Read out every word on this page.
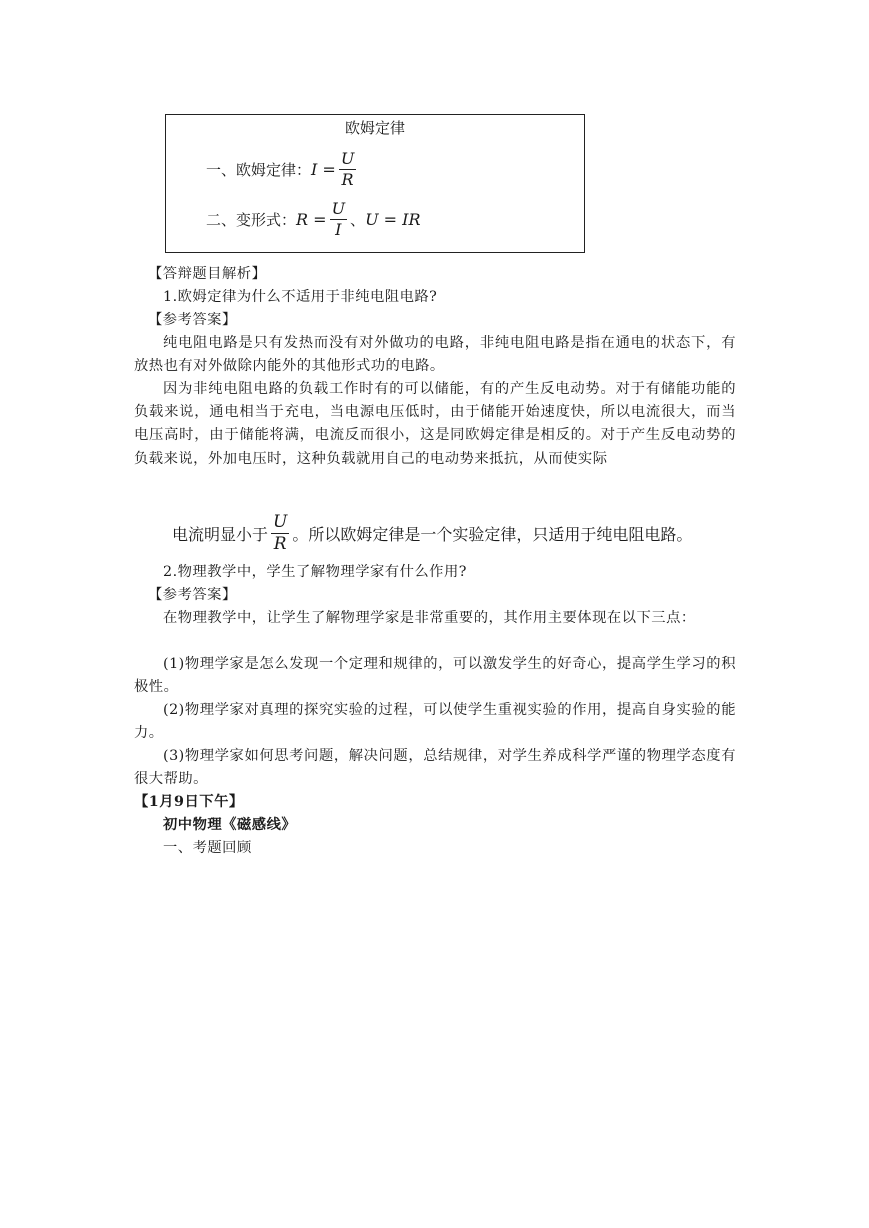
欧姆定律
一、欧姆定律： $I = \frac{U}{R}$
二、变形式： $R = \frac{U}{I}$ 、 U = IR
【答辩题目解析】
1.欧姆定律为什么不适用于非纯电阻电路?
【参考答案】

纯电阻电路是只有发热而没有对外做功的电路，非纯电阻电路是指在通电的状态下，有放热也有对外做除内能外的其他形式功的电路。

因为非纯电阻电路的负载工作时有的可以储能，有的产生反电动势。对于有储能功能的负载来说，通电相当于充电，当电源电压低时，由于储能开始速度快，所以电流很大，而当电压高时，由于储能将满，电流反而很小，这是同欧姆定律是相反的。对于产生反电动势的负载来说，外加电压时，这种负载就用自己的电动势来抵抗，从而使实际

电流明显小于 $\frac{U}{R}$ 。所以欧姆定律是一个实验定律，只适用于纯电阻电路。
2.物理教学中，学生了解物理学家有什么作用?
【参考答案】

在物理教学中，让学生了解物理学家是非常重要的，其作用主要体现在以下三点：

(1)物理学家是怎么发现一个定理和规律的，可以激发学生的好奇心，提高学生学习的积极性。

(2)物理学家对真理的探究实验的过程，可以使学生重视实验的作用，提高自身实验的能力。

(3)物理学家如何思考问题，解决问题，总结规律，对学生养成科学严谨的物理学态度有很大帮助。

【1月9日下午】
初中物理《磁感线》
一、考题回顾
